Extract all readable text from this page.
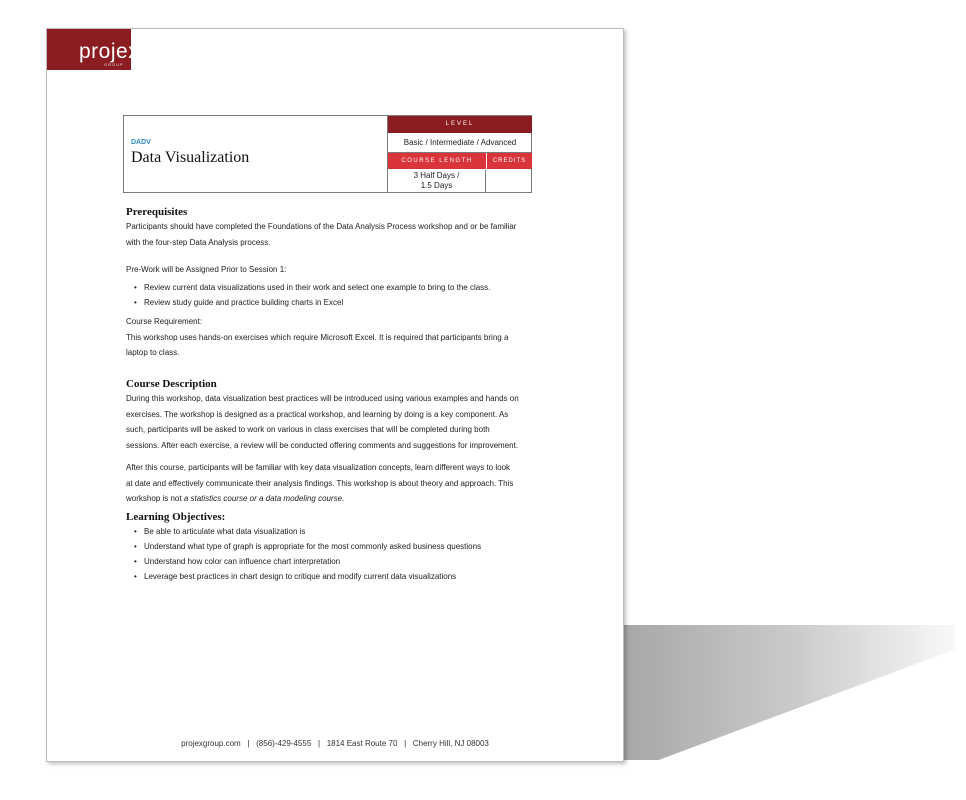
projex
GROUP
DADV
Data Visualization
LEVEL
Basic / Intermediate / Advanced
COURSE LENGTH	CREDITS
3 Half Days /
1.5 Days
Prerequisites
Participants should have completed the Foundations of the Data Analysis Process workshop and or be familiar
with the four-step Data Analysis process.
Pre-Work will be Assigned Prior to Session 1:
• Review current data visualizations used in their work and select one example to bring to the class.
• Review study guide and practice building charts in Excel
Course Requirement:
This workshop uses hands-on exercises which require Microsoft Excel. It is required that participants bring a
laptop to class.
Course Description
During this workshop, data visualization best practices will be introduced using various examples and hands on
exercises. The workshop is designed as a practical workshop, and learning by doing is a key component. As
such, participants will be asked to work on various in class exercises that will be completed during both
sessions. After each exercise, a review will be conducted offering comments and suggestions for improvement.
After this course, participants will be familiar with key data visualization concepts, learn different ways to look
at date and effectively communicate their analysis findings. This workshop is about theory and approach. This
workshop is not a statistics course or a data modeling course.
Learning Objectives:
• Be able to articulate what data visualization is
• Understand what type of graph is appropriate for the most commonly asked business questions
• Understand how color can influence chart interpretation
• Leverage best practices in chart design to critique and modify current data visualizations
projexgroup.com | (856)-429-4555 | 1814 East Route 70 | Cherry Hill, NJ 08003
